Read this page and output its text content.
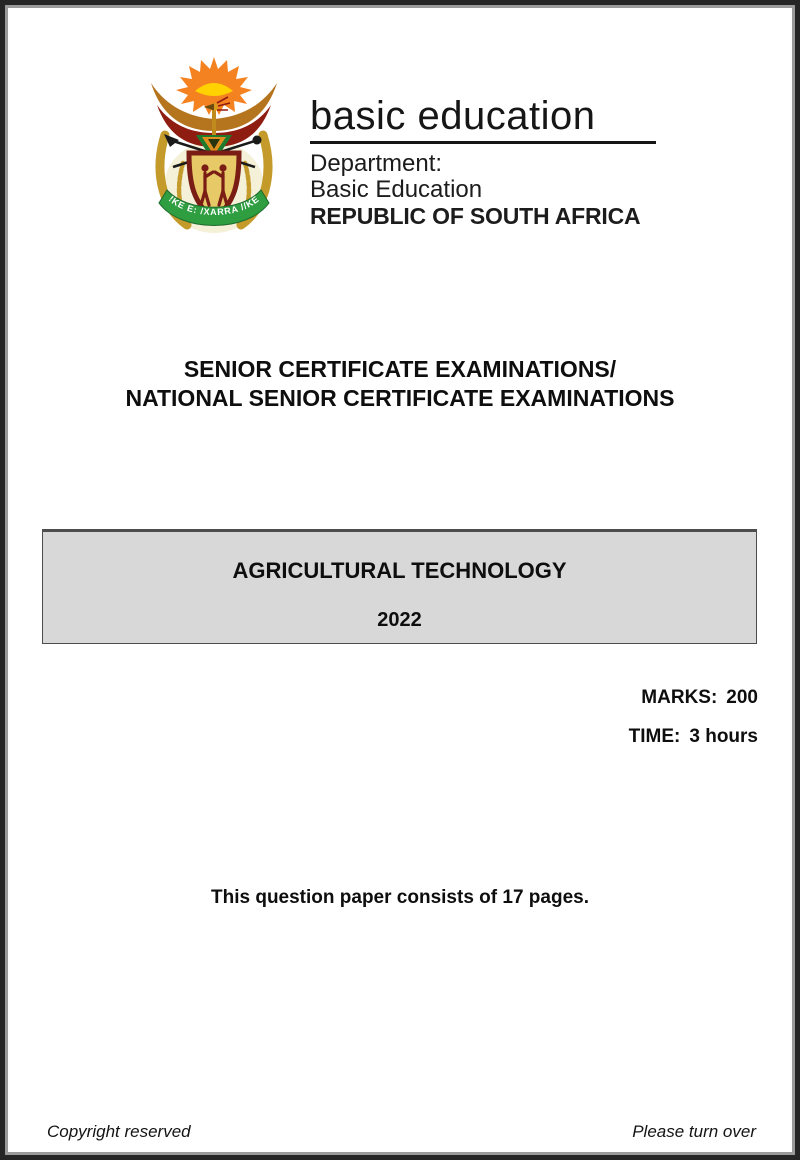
!KE E: /XARRA //KE
basic education
Department:
Basic Education
REPUBLIC OF SOUTH AFRICA
SENIOR CERTIFICATE EXAMINATIONS/
NATIONAL SENIOR CERTIFICATE EXAMINATIONS
AGRICULTURAL TECHNOLOGY
2022
MARKS: 200
TIME: 3 hours
This question paper consists of 17 pages.
Copyright reserved	Please turn over
